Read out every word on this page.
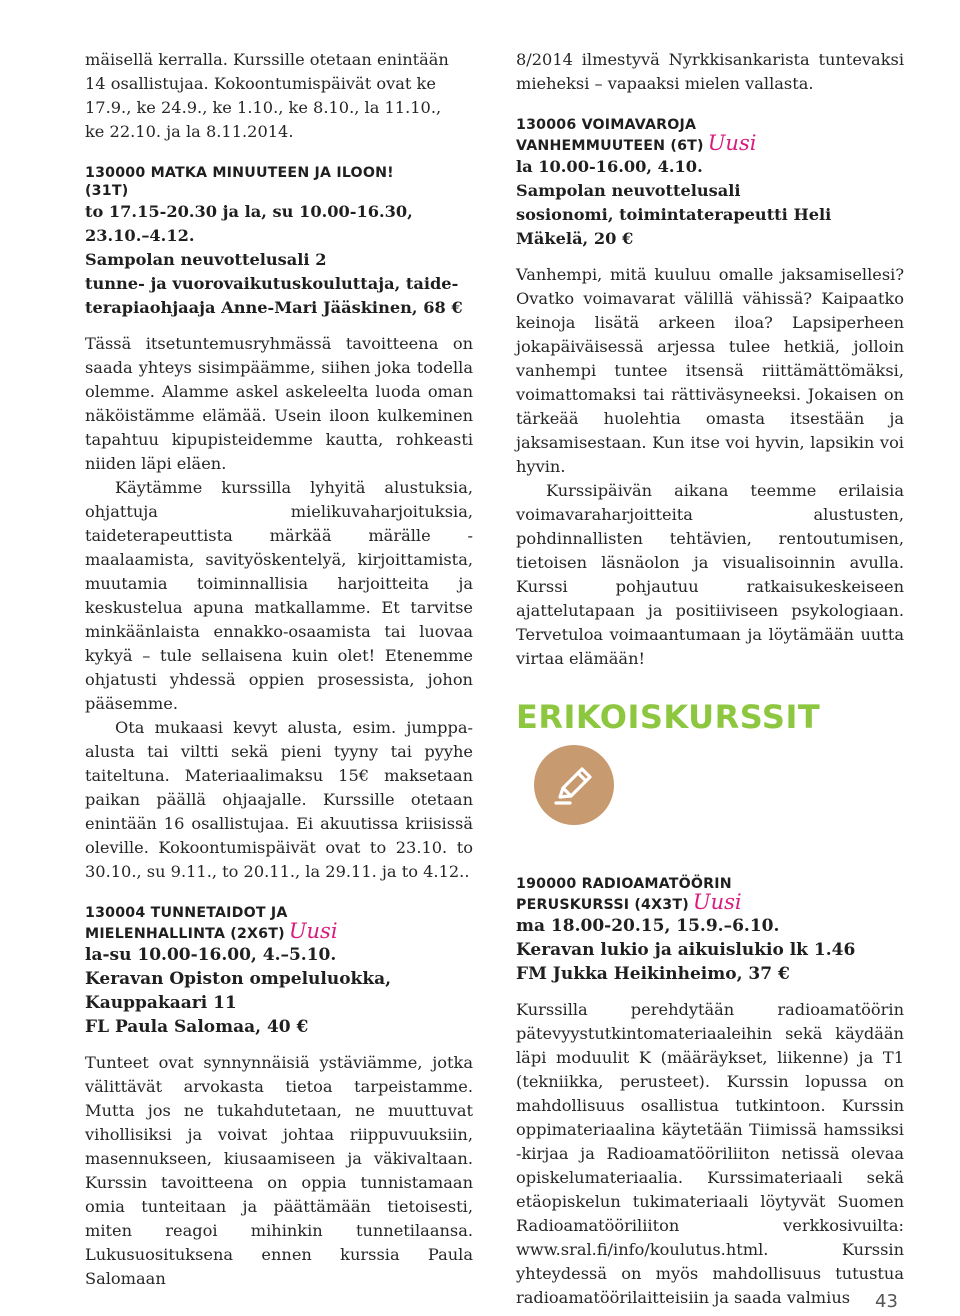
mäisellä kerralla. Kurssille otetaan enintään
14 osallistujaa. Kokoontumispäivät ovat ke
17.9., ke 24.9., ke 1.10., ke 8.10., la 11.10.,
ke 22.10. ja la 8.11.2014.

130000 MATKA MINUUTEEN JA ILOON!
(31T)
to 17.15-20.30 ja la, su 10.00-16.30,
23.10.–4.12.
Sampolan neuvottelusali 2
tunne- ja vuorovaikutuskouluttaja, taide-
terapiaohjaaja Anne-Mari Jääskinen, 68 €

Tässä itsetuntemusryhmässä tavoitteena on saada yhteys sisimpäämme, siihen joka todella olemme. Alamme askel askeleelta luoda oman näköistämme elämää. Usein iloon kulkeminen tapahtuu kipupisteidemme kautta, rohkeasti niiden läpi eläen.

Käytämme kurssilla lyhyitä alustuksia, ohjattuja mielikuvaharjoituksia, taideterapeuttista märkää märälle -maalaamista, savityöskentelyä, kirjoittamista, muutamia toiminnallisia harjoitteita ja keskustelua apuna matkallamme. Et tarvitse minkäänlaista ennakko-osaamista tai luovaa kykyä – tule sellaisena kuin olet! Etenemme ohjatusti yhdessä oppien prosessista, johon pääsemme.

Ota mukaasi kevyt alusta, esim. jumppa-alusta tai viltti sekä pieni tyyny tai pyyhe taiteltuna. Materiaalimaksu 15€ maksetaan paikan päällä ohjaajalle. Kurssille otetaan enintään 16 osallistujaa. Ei akuutissa kriisissä oleville. Kokoontumispäivät ovat to 23.10. to 30.10., su 9.11., to 20.11., la 29.11. ja to 4.12..

130004 TUNNETAIDOT JA
MIELENHALLINTA (2X6T) Uusi
la-su 10.00-16.00, 4.–5.10.
Keravan Opiston ompeluluokka,
Kauppakaari 11
FL Paula Salomaa, 40 €

Tunteet ovat synnynnäisiä ystäviämme, jotka välittävät arvokasta tietoa tarpeistamme. Mutta jos ne tukahdutetaan, ne muuttuvat vihollisiksi ja voivat johtaa riippuvuuksiin, masennukseen, kiusaamiseen ja väkivaltaan. Kurssin tavoitteena on oppia tunnistamaan omia tunteitaan ja päättämään tietoisesti, miten reagoi mihinkin tunnetilaansa. Lukusuosituksena ennen kurssia Paula Salomaan

8/2014 ilmestyvä Nyrkkisankarista tuntevaksi mieheksi – vapaaksi mielen vallasta.

130006 VOIMAVAROJA
VANHEMMUUTEEN (6T) Uusi
la 10.00-16.00, 4.10.
Sampolan neuvottelusali
sosionomi, toimintaterapeutti Heli
Mäkelä, 20 €

Vanhempi, mitä kuuluu omalle jaksamisellesi? Ovatko voimavarat välillä vähissä? Kaipaatko keinoja lisätä arkeen iloa? Lapsiperheen jokapäiväisessä arjessa tulee hetkiä, jolloin vanhempi tuntee itsensä riittämättömäksi, voimattomaksi tai rättiväsyneeksi. Jokaisen on tärkeää huolehtia omasta itsestään ja jaksamisestaan. Kun itse voi hyvin, lapsikin voi hyvin.

Kurssipäivän aikana teemme erilaisia voimavaraharjoitteita alustusten, pohdinnallisten tehtävien, rentoutumisen, tietoisen läsnäolon ja visualisoinnin avulla. Kurssi pohjautuu ratkaisukeskeiseen ajattelutapaan ja positiiviseen psykologiaan. Tervetuloa voimaantumaan ja löytämään uutta virtaa elämään!

ERIKOISKURSSIT
190000 RADIOAMATÖÖRIN
PERUSKURSSI (4X3T) Uusi
ma 18.00-20.15, 15.9.–6.10.
Keravan lukio ja aikuislukio lk 1.46
FM Jukka Heikinheimo, 37 €

Kurssilla perehdytään radioamatöörin pätevyystutkintomateriaaleihin sekä käydään läpi moduulit K (määräykset, liikenne) ja T1 (tekniikka, perusteet). Kurssin lopussa on mahdollisuus osallistua tutkintoon. Kurssin oppimateriaalina käytetään Tiimissä hamssiksi -kirjaa ja Radioamatööriliiton netissä olevaa opiskelumateriaalia. Kurssimateriaali sekä etäopiskelun tukimateriaali löytyvät Suomen Radioamatööriliiton verkkosivuilta: www.sral.fi/info/koulutus.html. Kurssin yhteydessä on myös mahdollisuus tutustua radioamatöörilaitteisiin ja saada valmius	43
